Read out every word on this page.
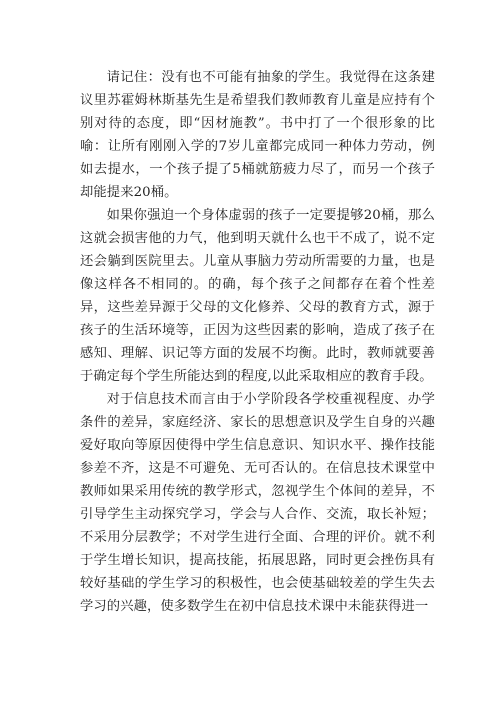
请记住：没有也不可能有抽象的学生。我觉得在这条建议里苏霍姆林斯基先生是希望我们教师教育儿童是应持有个别对待的态度，即“因材施教”。书中打了一个很形象的比喻：让所有刚刚入学的7岁儿童都完成同一种体力劳动，例如去提水，一个孩子提了5桶就筋疲力尽了，而另一个孩子却能提来20桶。

如果你强迫一个身体虚弱的孩子一定要提够20桶，那么这就会损害他的力气，他到明天就什么也干不成了，说不定还会躺到医院里去。儿童从事脑力劳动所需要的力量，也是像这样各不相同的。的确，每个孩子之间都存在着个性差异，这些差异源于父母的文化修养、父母的教育方式，源于孩子的生活环境等，正因为这些因素的影响，造成了孩子在感知、理解、识记等方面的发展不均衡。此时，教师就要善于确定每个学生所能达到的程度,以此采取相应的教育手段。

对于信息技术而言由于小学阶段各学校重视程度、办学条件的差异，家庭经济、家长的思想意识及学生自身的兴趣爱好取向等原因使得中学生信息意识、知识水平、操作技能参差不齐，这是不可避免、无可否认的。在信息技术课堂中教师如果采用传统的教学形式，忽视学生个体间的差异，不引导学生主动探究学习，学会与人合作、交流，取长补短；不采用分层教学；不对学生进行全面、合理的评价。就不利于学生增长知识，提高技能，拓展思路，同时更会挫伤具有较好基础的学生学习的积极性，也会使基础较差的学生失去学习的兴趣，使多数学生在初中信息技术课中未能获得进一
